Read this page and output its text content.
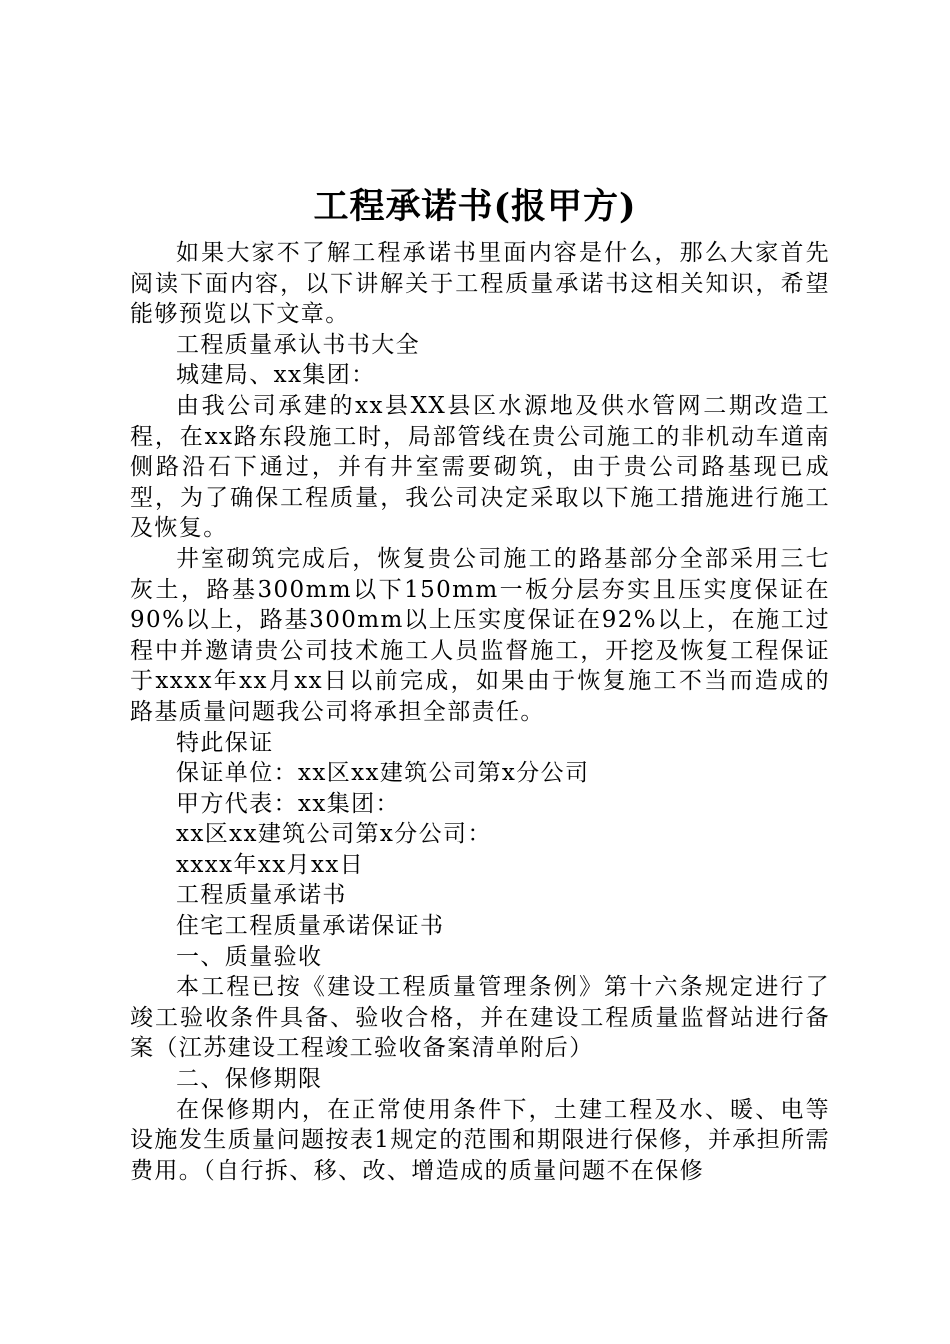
工程承诺书(报甲方)

如果大家不了解工程承诺书里面内容是什么，那么大家首先阅读下面内容，以下讲解关于工程质量承诺书这相关知识，希望能够预览以下文章。

工程质量承认书书大全

城建局、xx集团：

由我公司承建的xx县XX县区水源地及供水管网二期改造工程，在xx路东段施工时，局部管线在贵公司施工的非机动车道南侧路沿石下通过，并有井室需要砌筑，由于贵公司路基现已成型，为了确保工程质量，我公司决定采取以下施工措施进行施工及恢复。

井室砌筑完成后，恢复贵公司施工的路基部分全部采用三七灰土，路基300mm以下150mm一板分层夯实且压实度保证在90%以上，路基300mm以上压实度保证在92%以上，在施工过程中并邀请贵公司技术施工人员监督施工，开挖及恢复工程保证于xxxx年xx月xx日以前完成，如果由于恢复施工不当而造成的路基质量问题我公司将承担全部责任。

特此保证

保证单位：xx区xx建筑公司第x分公司

甲方代表：xx集团：

xx区xx建筑公司第x分公司：

xxxx年xx月xx日

工程质量承诺书

住宅工程质量承诺保证书

一、质量验收

本工程已按《建设工程质量管理条例》第十六条规定进行了竣工验收条件具备、验收合格，并在建设工程质量监督站进行备案（江苏建设工程竣工验收备案清单附后）

二、保修期限

在保修期内，在正常使用条件下，土建工程及水、暖、电等设施发生质量问题按表1规定的范围和期限进行保修，并承担所需费用。（自行拆、移、改、增造成的质量问题不在保修
